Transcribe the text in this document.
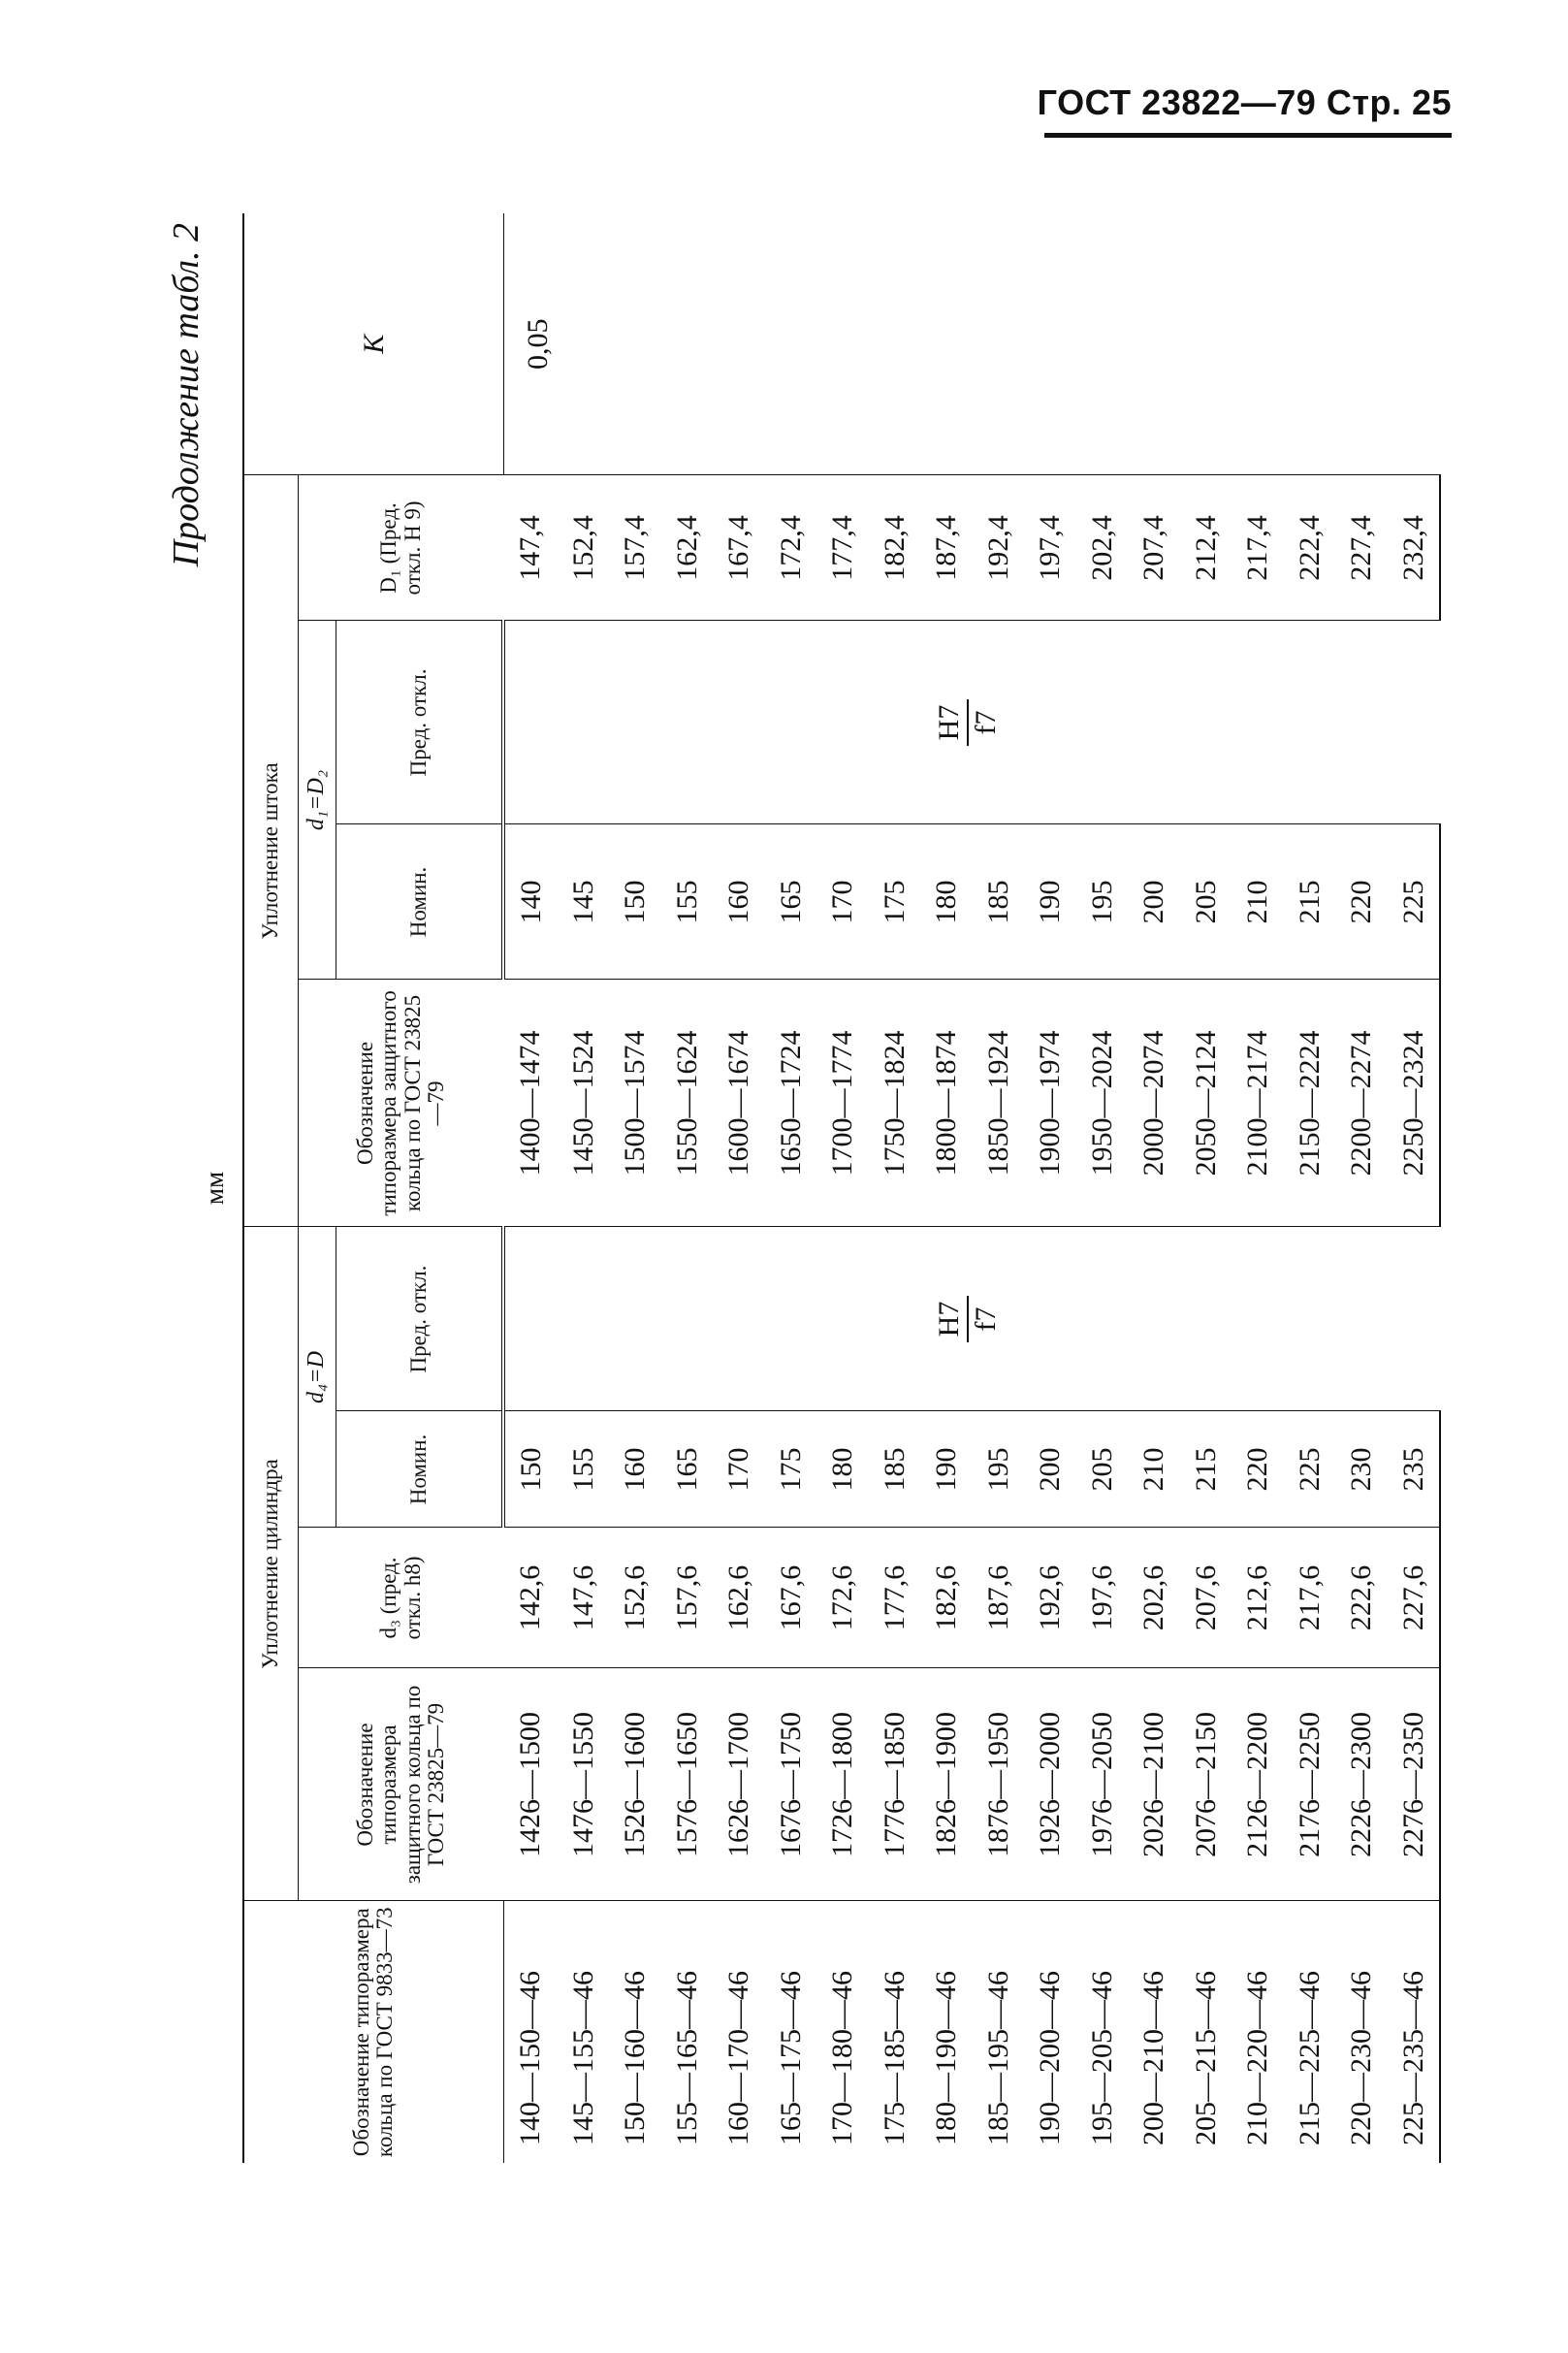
ГОСТ 23822—79 Стр. 25
Продолжение табл. 2
мм
Обозначение типоразмера кольца по ГОСТ 9833—73	Уплотнение цилиндра				Уплотнение штока				K
	Обозначение типоразмера защитного кольца по ГОСТ 23825—79	d₃ (пред. откл. h8)	d₄=D		Обозначение типоразмера защитного кольца по ГОСТ 23825—79	d₁=D₂		D₁ (Пред. откл. H 9)	
			Номин.	Пред. откл.		Номин.	Пред. откл.		
140—150—46	1426—1500	142,6	150	H7 f7	1400—1474	140	H7 f7	147,4	0,05
145—155—46	1476—1550	147,6	155		1450—1524	145		152,4	
150—160—46	1526—1600	152,6	160		1500—1574	150		157,4	
155—165—46	1576—1650	157,6	165		1550—1624	155		162,4	
160—170—46	1626—1700	162,6	170		1600—1674	160		167,4	
165—175—46	1676—1750	167,6	175		1650—1724	165		172,4	
170—180—46	1726—1800	172,6	180		1700—1774	170		177,4	
175—185—46	1776—1850	177,6	185		1750—1824	175		182,4	
180—190—46	1826—1900	182,6	190		1800—1874	180		187,4	
185—195—46	1876—1950	187,6	195		1850—1924	185		192,4	
190—200—46	1926—2000	192,6	200		1900—1974	190		197,4	
195—205—46	1976—2050	197,6	205		1950—2024	195		202,4	
200—210—46	2026—2100	202,6	210		2000—2074	200		207,4	
205—215—46	2076—2150	207,6	215		2050—2124	205		212,4	
210—220—46	2126—2200	212,6	220		2100—2174	210		217,4	
215—225—46	2176—2250	217,6	225		2150—2224	215		222,4	
220—230—46	2226—2300	222,6	230		2200—2274	220		227,4	
225—235—46	2276—2350	227,6	235		2250—2324	225		232,4	
